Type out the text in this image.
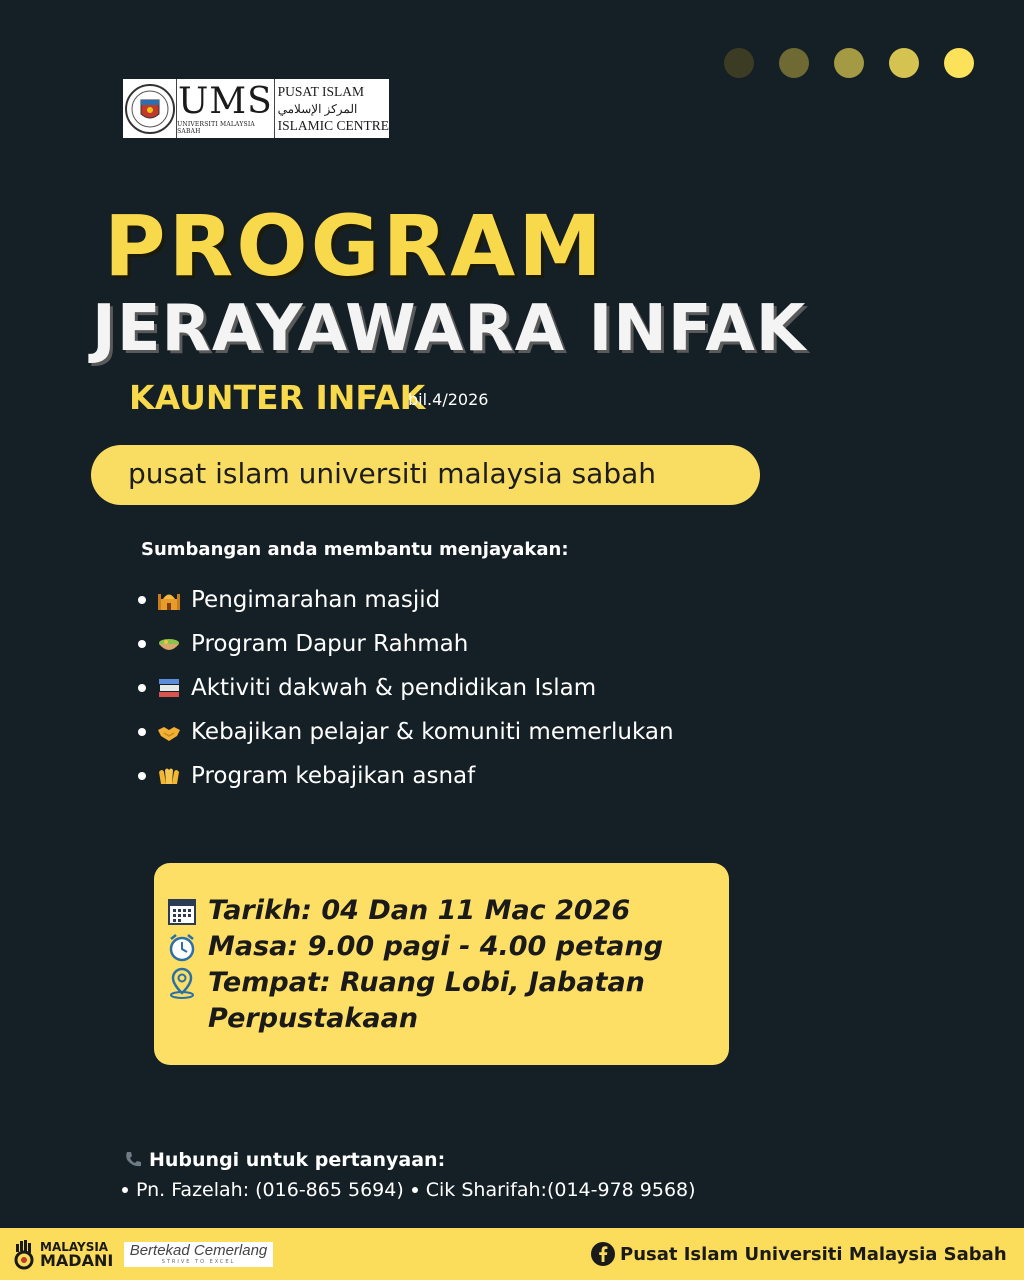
UMS
UNIVERSITI MALAYSIA SABAH
PUSAT ISLAM
المركز الإسلامي
ISLAMIC CENTRE
PROGRAM
JERAYAWARA INFAK
KAUNTER INFAK
bil.4/2026
pusat islam universiti malaysia sabah
Sumbangan anda membantu menjayakan:
Pengimarahan masjid
Program Dapur Rahmah
Aktiviti dakwah & pendidikan Islam
Kebajikan pelajar & komuniti memerlukan
Program kebajikan asnaf
Tarikh: 04 Dan 11 Mac 2026
Masa: 9.00 pagi - 4.00 petang
Tempat: Ruang Lobi, Jabatan Perpustakaan
Hubungi untuk pertanyaan:
Pn. Fazelah: (016-865 5694) Cik Sharifah:(014-978 9568)
MALAYSIA
MADANI
Bertekad Cemerlang
STRIVE TO EXCEL	Pusat Islam Universiti Malaysia Sabah
